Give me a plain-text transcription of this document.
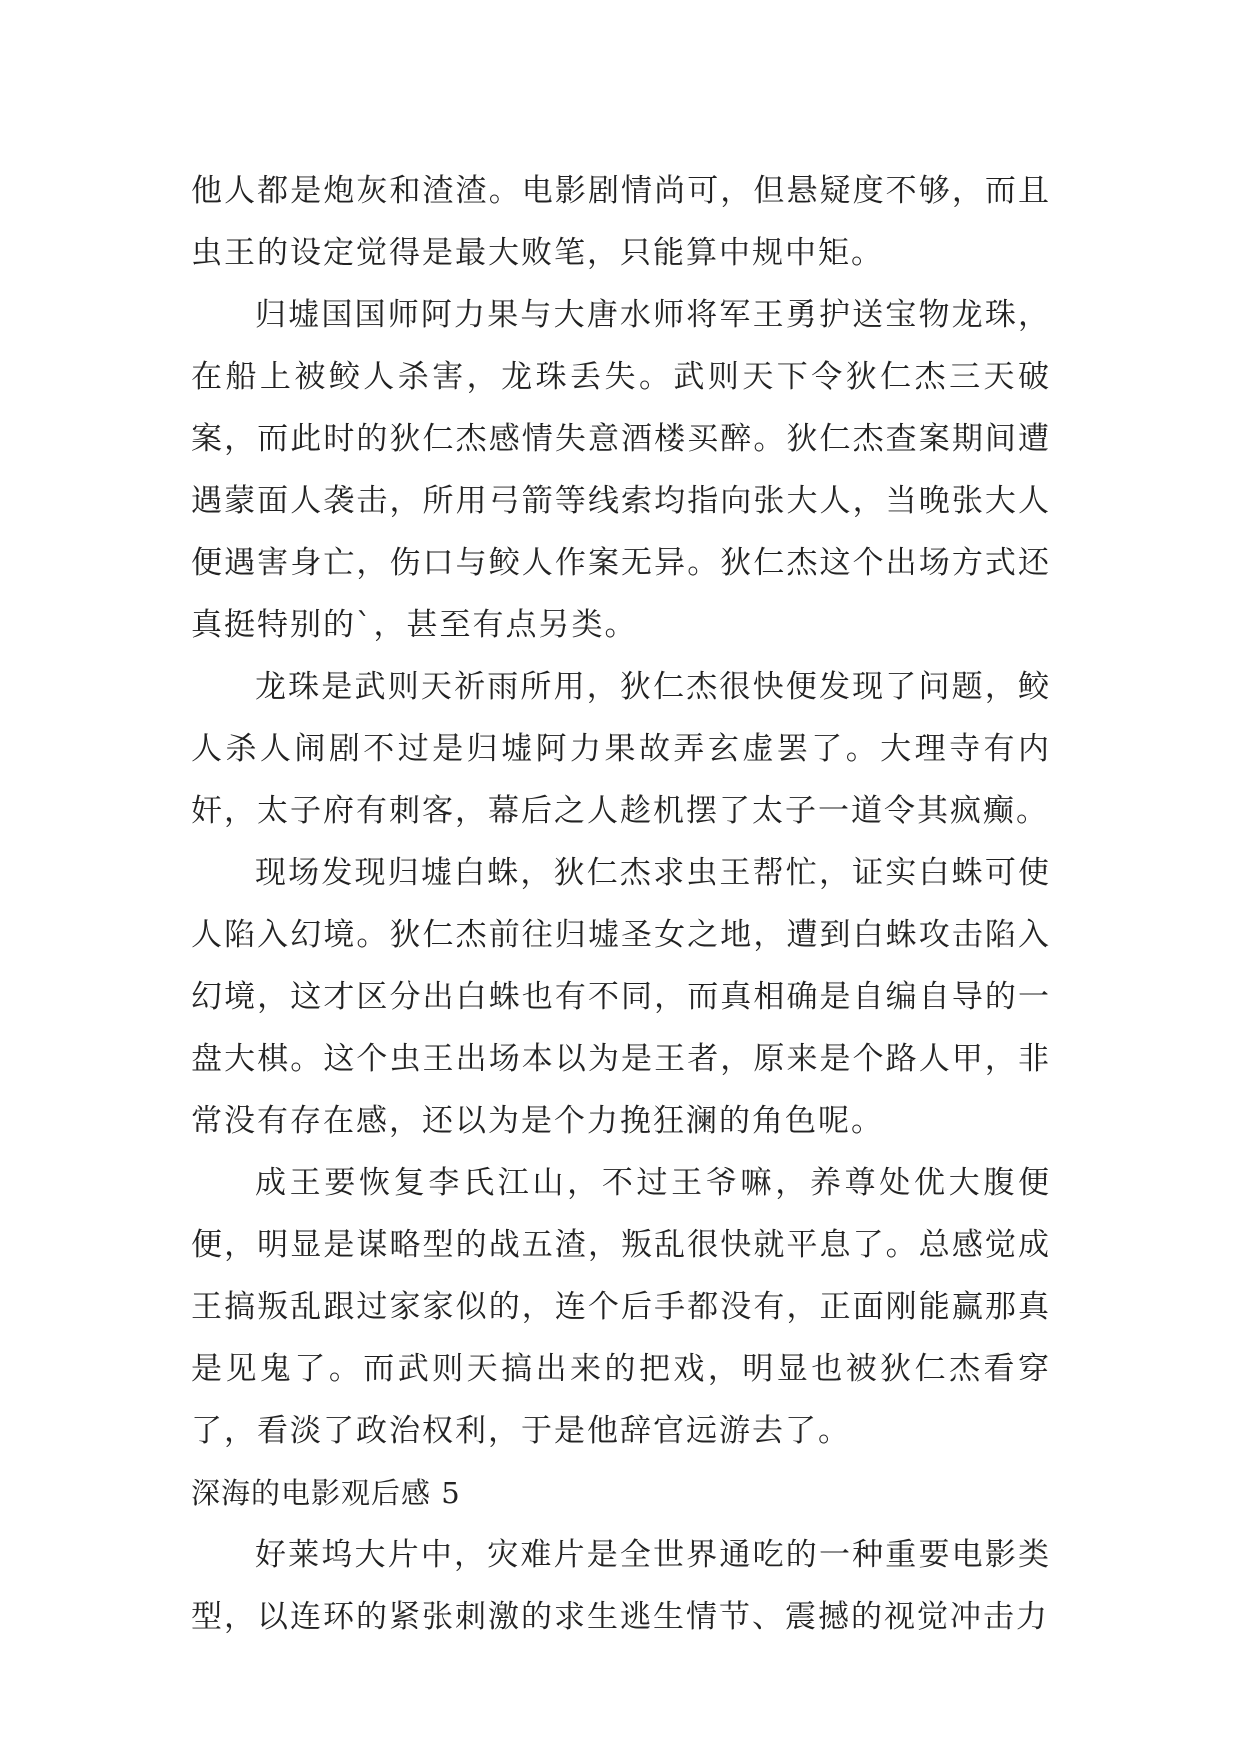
他人都是炮灰和渣渣。电影剧情尚可，但悬疑度不够，而且虫王的设定觉得是最大败笔，只能算中规中矩。

归墟国国师阿力果与大唐水师将军王勇护送宝物龙珠，在船上被鲛人杀害，龙珠丢失。武则天下令狄仁杰三天破案，而此时的狄仁杰感情失意酒楼买醉。狄仁杰查案期间遭遇蒙面人袭击，所用弓箭等线索均指向张大人，当晚张大人便遇害身亡，伤口与鲛人作案无异。狄仁杰这个出场方式还真挺特别的`，甚至有点另类。

龙珠是武则天祈雨所用，狄仁杰很快便发现了问题，鲛人杀人闹剧不过是归墟阿力果故弄玄虚罢了。大理寺有内奸，太子府有刺客，幕后之人趁机摆了太子一道令其疯癫。

现场发现归墟白蛛，狄仁杰求虫王帮忙，证实白蛛可使人陷入幻境。狄仁杰前往归墟圣女之地，遭到白蛛攻击陷入幻境，这才区分出白蛛也有不同，而真相确是自编自导的一盘大棋。这个虫王出场本以为是王者，原来是个路人甲，非常没有存在感，还以为是个力挽狂澜的角色呢。

成王要恢复李氏江山，不过王爷嘛，养尊处优大腹便便，明显是谋略型的战五渣，叛乱很快就平息了。总感觉成王搞叛乱跟过家家似的，连个后手都没有，正面刚能赢那真是见鬼了。而武则天搞出来的把戏，明显也被狄仁杰看穿了，看淡了政治权利，于是他辞官远游去了。

深海的电影观后感 5

好莱坞大片中，灾难片是全世界通吃的一种重要电影类型，以连环的紧张刺激的求生逃生情节、震撼的视觉冲击力
